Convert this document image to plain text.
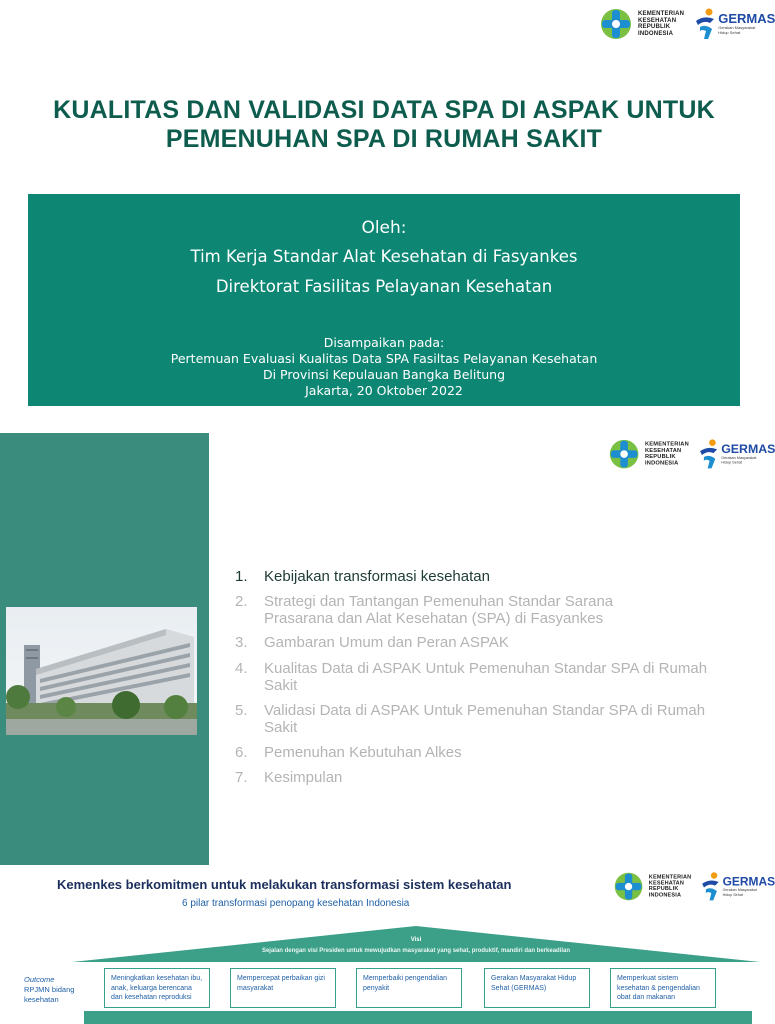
KEMENTERIAN
KESEHATAN
REPUBLIK
INDONESIA
GERMAS
Gerakan Masyarakat
Hidup Sehat
KUALITAS DAN VALIDASI DATA SPA DI ASPAK UNTUK
PEMENUHAN SPA DI RUMAH SAKIT
Oleh:
Tim Kerja Standar Alat Kesehatan di Fasyankes
Direktorat Fasilitas Pelayanan Kesehatan
Disampaikan pada:
Pertemuan Evaluasi Kualitas Data SPA Fasiltas Pelayanan Kesehatan
Di Provinsi Kepulauan Bangka Belitung
Jakarta, 20 Oktober 2022
KEMENTERIAN
KESEHATAN
REPUBLIK
INDONESIA
GERMAS
Gerakan Masyarakat
Hidup Sehat
1.	Kebijakan transformasi kesehatan
2.	Strategi dan Tantangan Pemenuhan Standar Sarana Prasarana dan Alat Kesehatan (SPA) di Fasyankes
3.	Gambaran Umum dan Peran ASPAK
4.	Kualitas Data di ASPAK Untuk Pemenuhan Standar SPA di Rumah Sakit
5.	Validasi Data di ASPAK Untuk Pemenuhan Standar SPA di Rumah Sakit
6.	Pemenuhan Kebutuhan Alkes
7.	Kesimpulan
Kemenkes berkomitmen untuk melakukan transformasi sistem kesehatan
6 pilar transformasi penopang kesehatan Indonesia
KEMENTERIAN
KESEHATAN
REPUBLIK
INDONESIA
GERMAS
Gerakan Masyarakat
Hidup Sehat
Visi
Sejalan dengan visi Presiden untuk mewujudkan masyarakat yang sehat, produktif, mandiri dan berkeadilan
Outcome
RPJMN bidang
kesehatan
Meningkatkan kesehatan ibu, anak, keluarga berencana dan kesehatan reproduksi
Mempercepat perbaikan gizi masyarakat
Memperbaiki pengendalian penyakit
Gerakan Masyarakat Hidup Sehat (GERMAS)
Memperkuat sistem kesehatan & pengendalian obat dan makanan
